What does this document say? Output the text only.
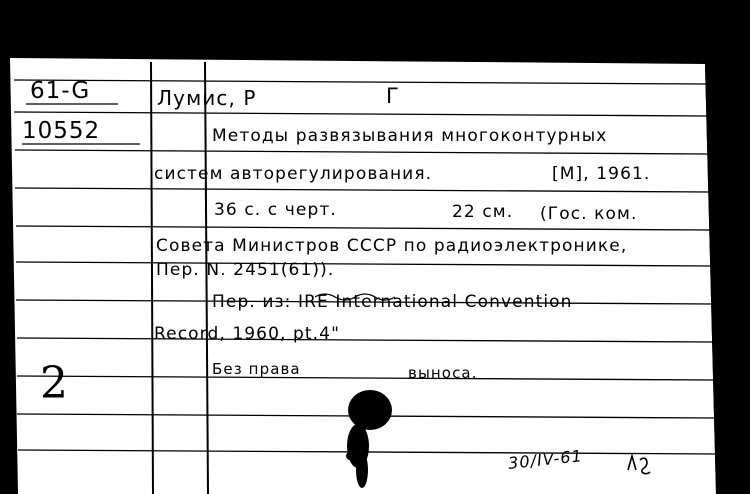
61-G
10552
Лумис, Р	Г
Методы развязывания многоконтурных
систем авторегулирования.	[M], 1961.
36 с. с черт.	22 см. (Гос. ком.
Совета Министров СССР по радиоэлектронике,
Пер. N. 2451(61)).
Пер. из: IRE International Convention
Record, 1960, pt.4"
2	Без права	выноса.
30/IV-61
